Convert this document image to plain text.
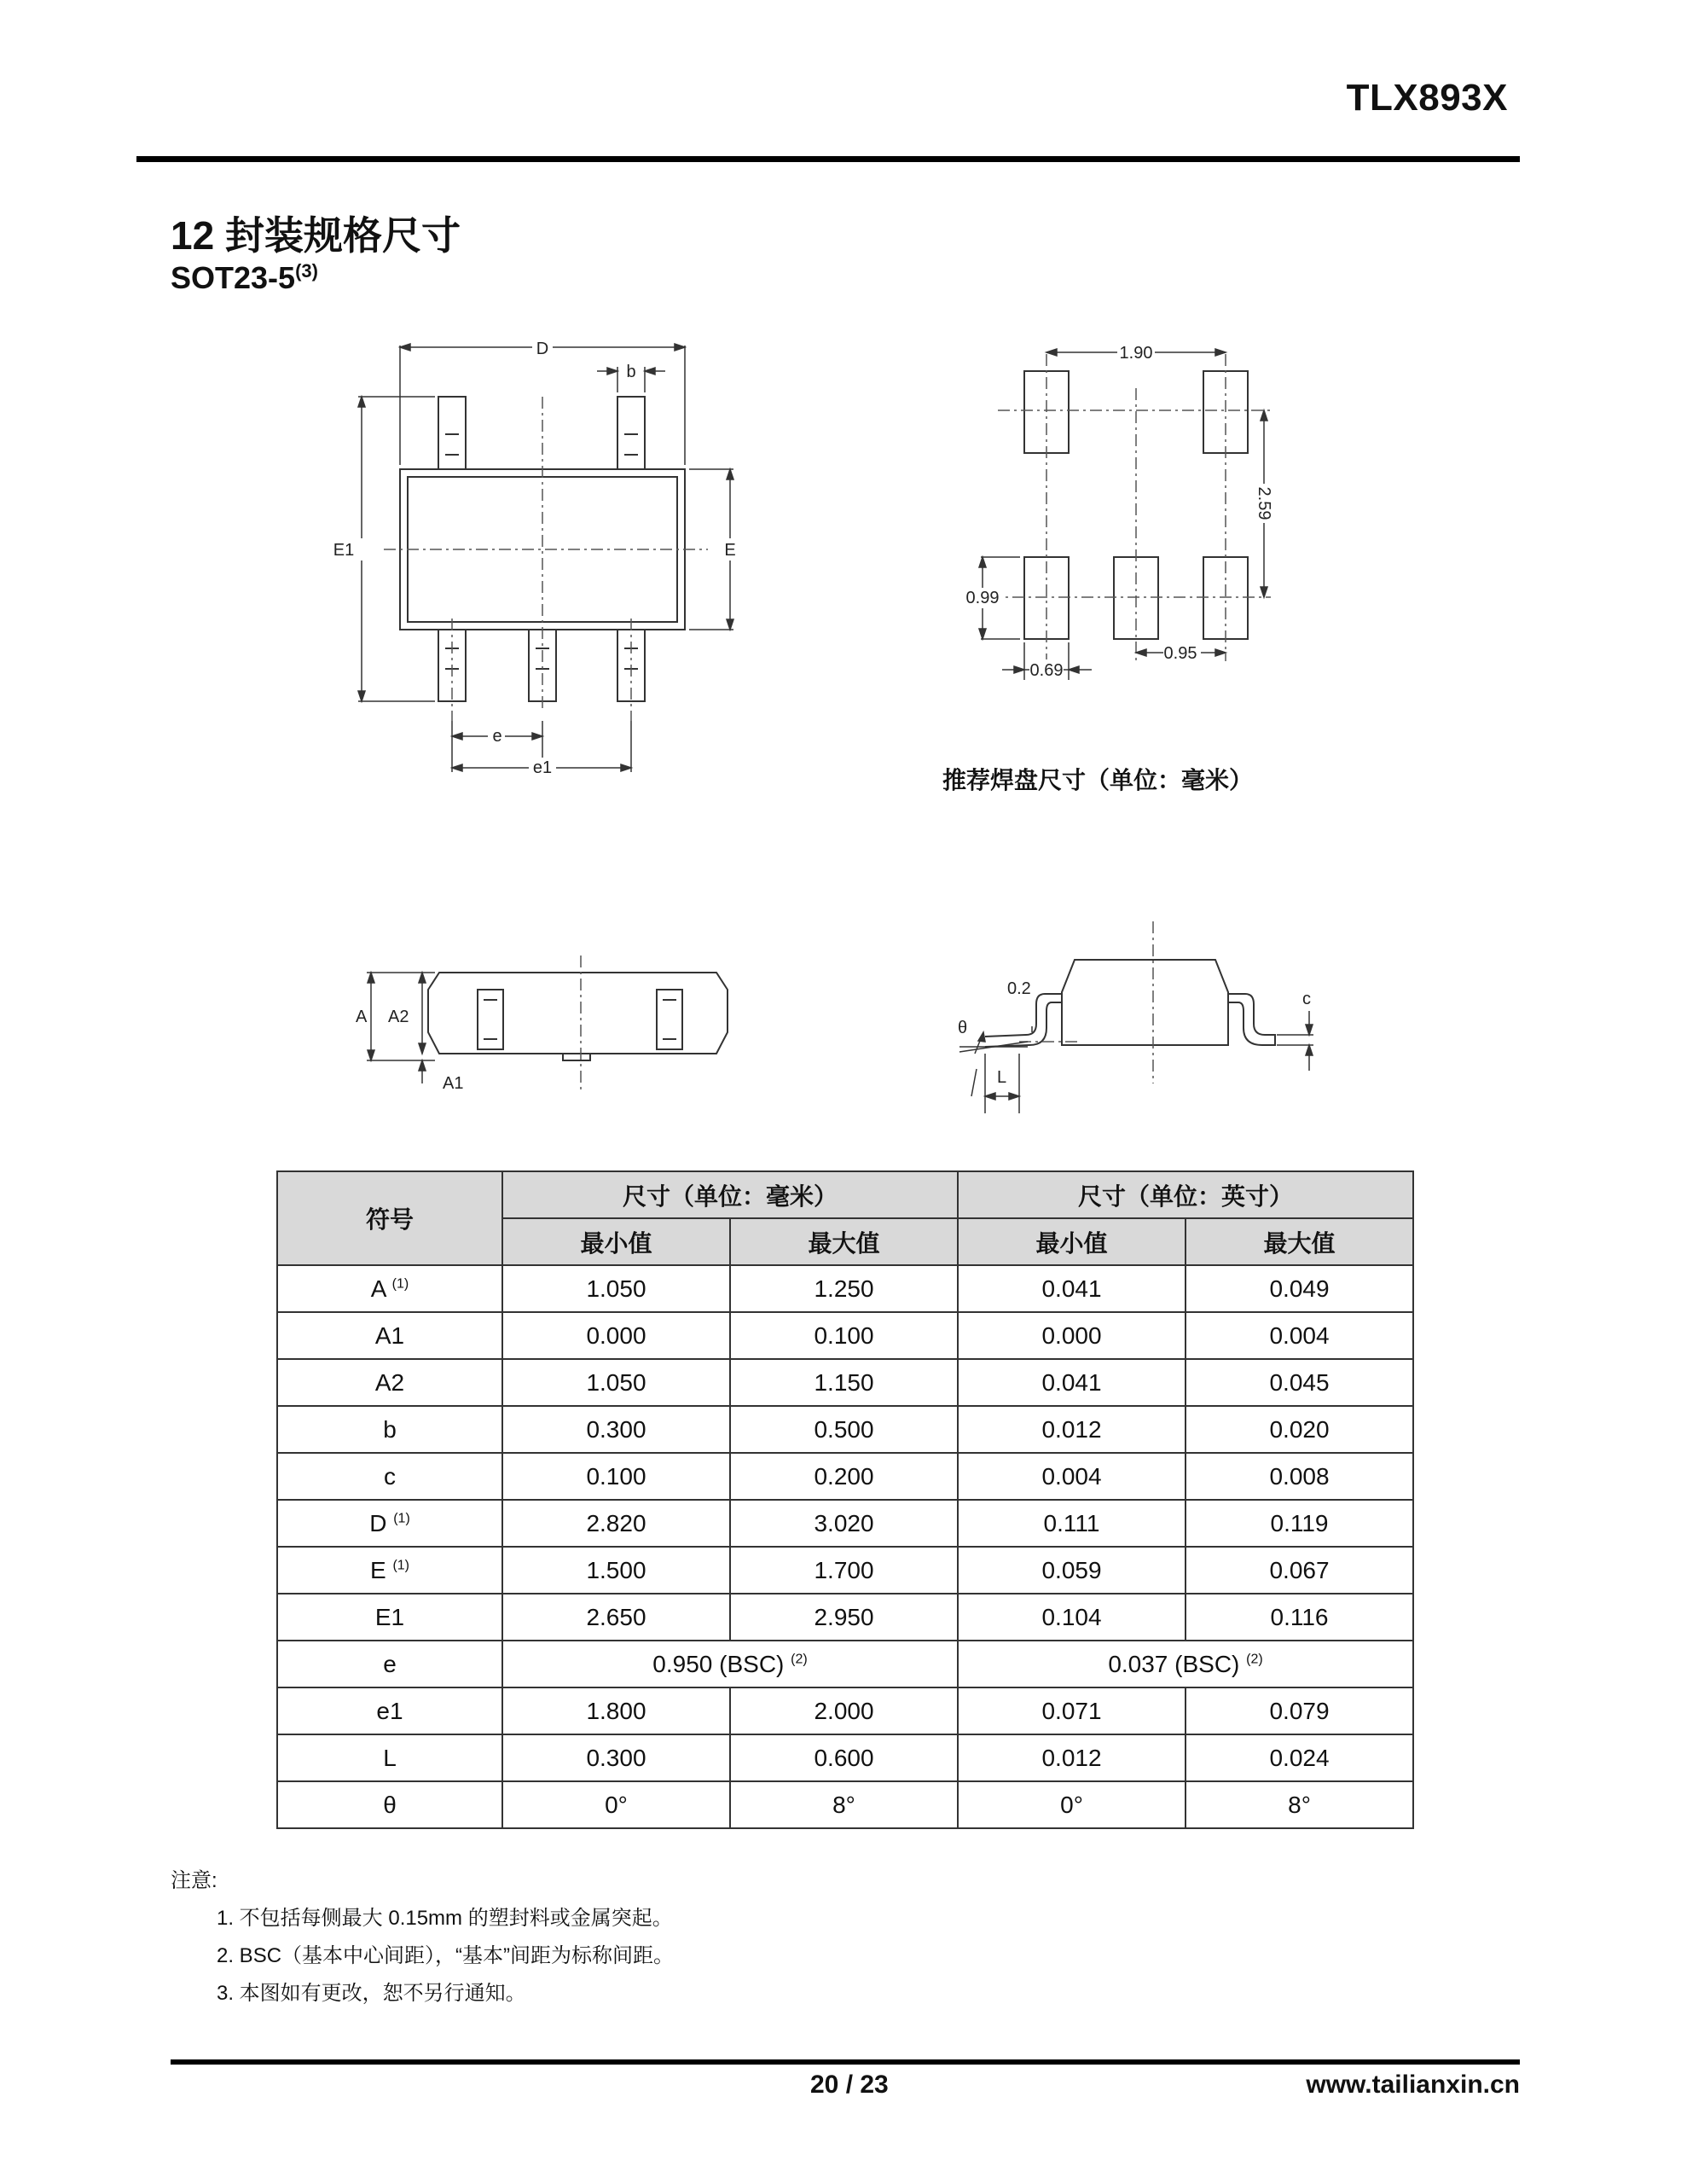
TLX893X
12 封装规格尺寸
SOT23-5$^{(3)}$
D
b
E1	E
e
e1
1.90
2.59
0.99
0.69
0.95
推荐焊盘尺寸（单位：毫米）
A A2
A1
0.2
θ
L
c
符号	尺寸（单位：毫米）		尺寸（单位：英寸）	
	最小值	最大值	最小值	最大值
A $^{(1)}$	1.050	1.250	0.041	0.049
A1	0.000	0.100	0.000	0.004
A2	1.050	1.150	0.041	0.045
b	0.300	0.500	0.012	0.020
c	0.100	0.200	0.004	0.008
D $^{(1)}$	2.820	3.020	0.111	0.119
E $^{(1)}$	1.500	1.700	0.059	0.067
E1	2.650	2.950	0.104	0.116
e	0.950 (BSC) $^{(2)}$		0.037 (BSC) $^{(2)}$
e1	1.800	2.000	0.071	0.079
L	0.300	0.600	0.012	0.024
θ	0°	8°	0°	8°
注意:
1. 不包括每侧最大 0.15mm 的塑封料或金属突起。
2. BSC（基本中心间距），“基本”间距为标称间距。
3. 本图如有更改，恕不另行通知。
20 / 23	www.tailianxin.cn
